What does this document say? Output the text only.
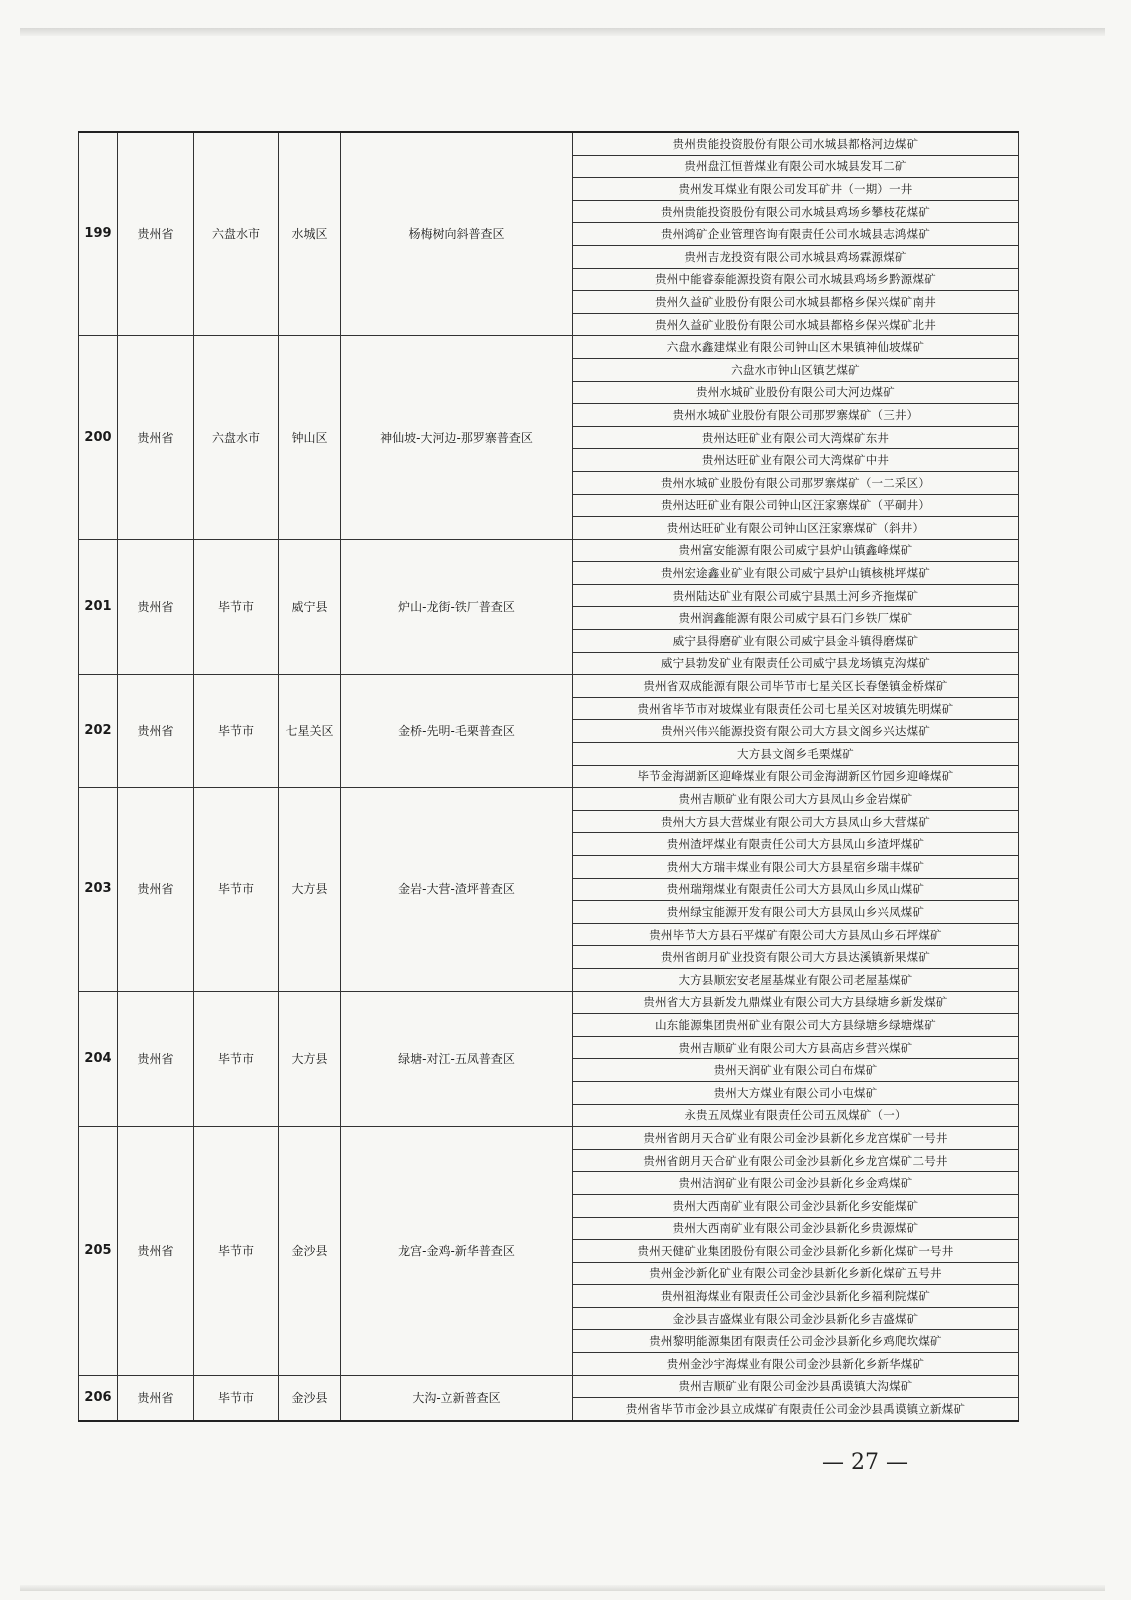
199	贵州省	六盘水市	水城区	杨梅树向斜普查区	贵州贵能投资股份有限公司水城县都格河边煤矿
					贵州盘江恒普煤业有限公司水城县发耳二矿
					贵州发耳煤业有限公司发耳矿井（一期）一井
					贵州贵能投资股份有限公司水城县鸡场乡攀枝花煤矿
					贵州鸿矿企业管理咨询有限责任公司水城县志鸿煤矿
					贵州吉龙投资有限公司水城县鸡场霖源煤矿
					贵州中能睿泰能源投资有限公司水城县鸡场乡黔源煤矿
					贵州久益矿业股份有限公司水城县都格乡保兴煤矿南井
					贵州久益矿业股份有限公司水城县都格乡保兴煤矿北井
200	贵州省	六盘水市	钟山区	神仙坡-大河边-那罗寨普查区	六盘水鑫建煤业有限公司钟山区木果镇神仙坡煤矿
					六盘水市钟山区镇艺煤矿
					贵州水城矿业股份有限公司大河边煤矿
					贵州水城矿业股份有限公司那罗寨煤矿（三井）
					贵州达旺矿业有限公司大湾煤矿东井
					贵州达旺矿业有限公司大湾煤矿中井
					贵州水城矿业股份有限公司那罗寨煤矿（一二采区）
					贵州达旺矿业有限公司钟山区汪家寨煤矿（平硐井）
					贵州达旺矿业有限公司钟山区汪家寨煤矿（斜井）
201	贵州省	毕节市	威宁县	炉山-龙街-铁厂普查区	贵州富安能源有限公司威宁县炉山镇鑫峰煤矿
					贵州宏途鑫业矿业有限公司威宁县炉山镇核桃坪煤矿
					贵州陆达矿业有限公司威宁县黑土河乡齐拖煤矿
					贵州润鑫能源有限公司威宁县石门乡铁厂煤矿
					威宁县得磨矿业有限公司威宁县金斗镇得磨煤矿
					威宁县勃发矿业有限责任公司威宁县龙场镇克沟煤矿
202	贵州省	毕节市	七星关区	金桥-先明-毛栗普查区	贵州省双成能源有限公司毕节市七星关区长春堡镇金桥煤矿
					贵州省毕节市对坡煤业有限责任公司七星关区对坡镇先明煤矿
					贵州兴伟兴能源投资有限公司大方县文阁乡兴达煤矿
					大方县文阁乡毛栗煤矿
					毕节金海湖新区迎峰煤业有限公司金海湖新区竹园乡迎峰煤矿
203	贵州省	毕节市	大方县	金岩-大营-渣坪普查区	贵州吉顺矿业有限公司大方县凤山乡金岩煤矿
					贵州大方县大营煤业有限公司大方县凤山乡大营煤矿
					贵州渣坪煤业有限责任公司大方县凤山乡渣坪煤矿
					贵州大方瑞丰煤业有限公司大方县星宿乡瑞丰煤矿
					贵州瑞翔煤业有限责任公司大方县凤山乡凤山煤矿
					贵州绿宝能源开发有限公司大方县凤山乡兴凤煤矿
					贵州毕节大方县石平煤矿有限公司大方县凤山乡石坪煤矿
					贵州省朗月矿业投资有限公司大方县达溪镇新果煤矿
					大方县顺宏安老屋基煤业有限公司老屋基煤矿
204	贵州省	毕节市	大方县	绿塘-对江-五凤普查区	贵州省大方县新发九鼎煤业有限公司大方县绿塘乡新发煤矿
					山东能源集团贵州矿业有限公司大方县绿塘乡绿塘煤矿
					贵州吉顺矿业有限公司大方县高店乡营兴煤矿
					贵州天润矿业有限公司白布煤矿
					贵州大方煤业有限公司小屯煤矿
					永贵五凤煤业有限责任公司五凤煤矿（一）
205	贵州省	毕节市	金沙县	龙宫-金鸡-新华普查区	贵州省朗月天合矿业有限公司金沙县新化乡龙宫煤矿一号井
					贵州省朗月天合矿业有限公司金沙县新化乡龙宫煤矿二号井
					贵州洁润矿业有限公司金沙县新化乡金鸡煤矿
					贵州大西南矿业有限公司金沙县新化乡安能煤矿
					贵州大西南矿业有限公司金沙县新化乡贵源煤矿
					贵州天健矿业集团股份有限公司金沙县新化乡新化煤矿一号井
					贵州金沙新化矿业有限公司金沙县新化乡新化煤矿五号井
					贵州祖海煤业有限责任公司金沙县新化乡福利院煤矿
					金沙县吉盛煤业有限公司金沙县新化乡吉盛煤矿
					贵州黎明能源集团有限责任公司金沙县新化乡鸡爬坎煤矿
					贵州金沙宇海煤业有限公司金沙县新化乡新华煤矿
206	贵州省	毕节市	金沙县	大沟-立新普查区	贵州吉顺矿业有限公司金沙县禹谟镇大沟煤矿
					贵州省毕节市金沙县立成煤矿有限责任公司金沙县禹谟镇立新煤矿
— 27 —
